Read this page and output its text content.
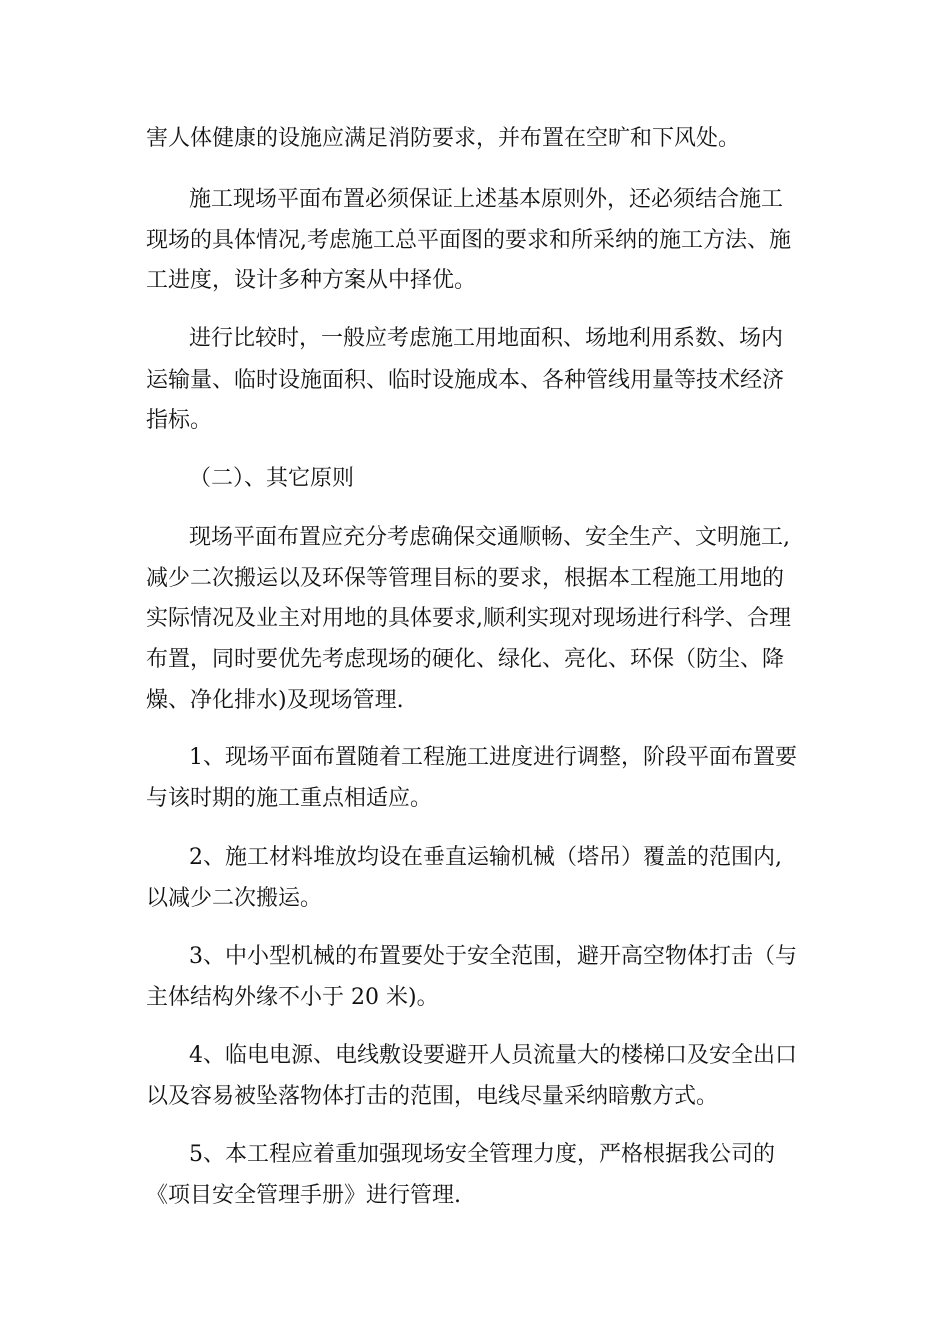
害人体健康的设施应满足消防要求，并布置在空旷和下风处。
施工现场平面布置必须保证上述基本原则外，还必须结合施工
现场的具体情况,考虑施工总平面图的要求和所采纳的施工方法、施
工进度，设计多种方案从中择优。
进行比较时，一般应考虑施工用地面积、场地利用系数、场内
运输量、临时设施面积、临时设施成本、各种管线用量等技术经济
指标。
（二）、其它原则
现场平面布置应充分考虑确保交通顺畅、安全生产、文明施工,
减少二次搬运以及环保等管理目标的要求，根据本工程施工用地的
实际情况及业主对用地的具体要求,顺利实现对现场进行科学、合理
布置，同时要优先考虑现场的硬化、绿化、亮化、环保（防尘、降
燥、净化排水)及现场管理.
1、现场平面布置随着工程施工进度进行调整，阶段平面布置要
与该时期的施工重点相适应。
2、施工材料堆放均设在垂直运输机械（塔吊）覆盖的范围内,
以减少二次搬运。
3、中小型机械的布置要处于安全范围，避开高空物体打击（与
主体结构外缘不小于 20 米)。
4、临电电源、电线敷设要避开人员流量大的楼梯口及安全出口
以及容易被坠落物体打击的范围，电线尽量采纳暗敷方式。
5、本工程应着重加强现场安全管理力度，严格根据我公司的
《项目安全管理手册》进行管理.
